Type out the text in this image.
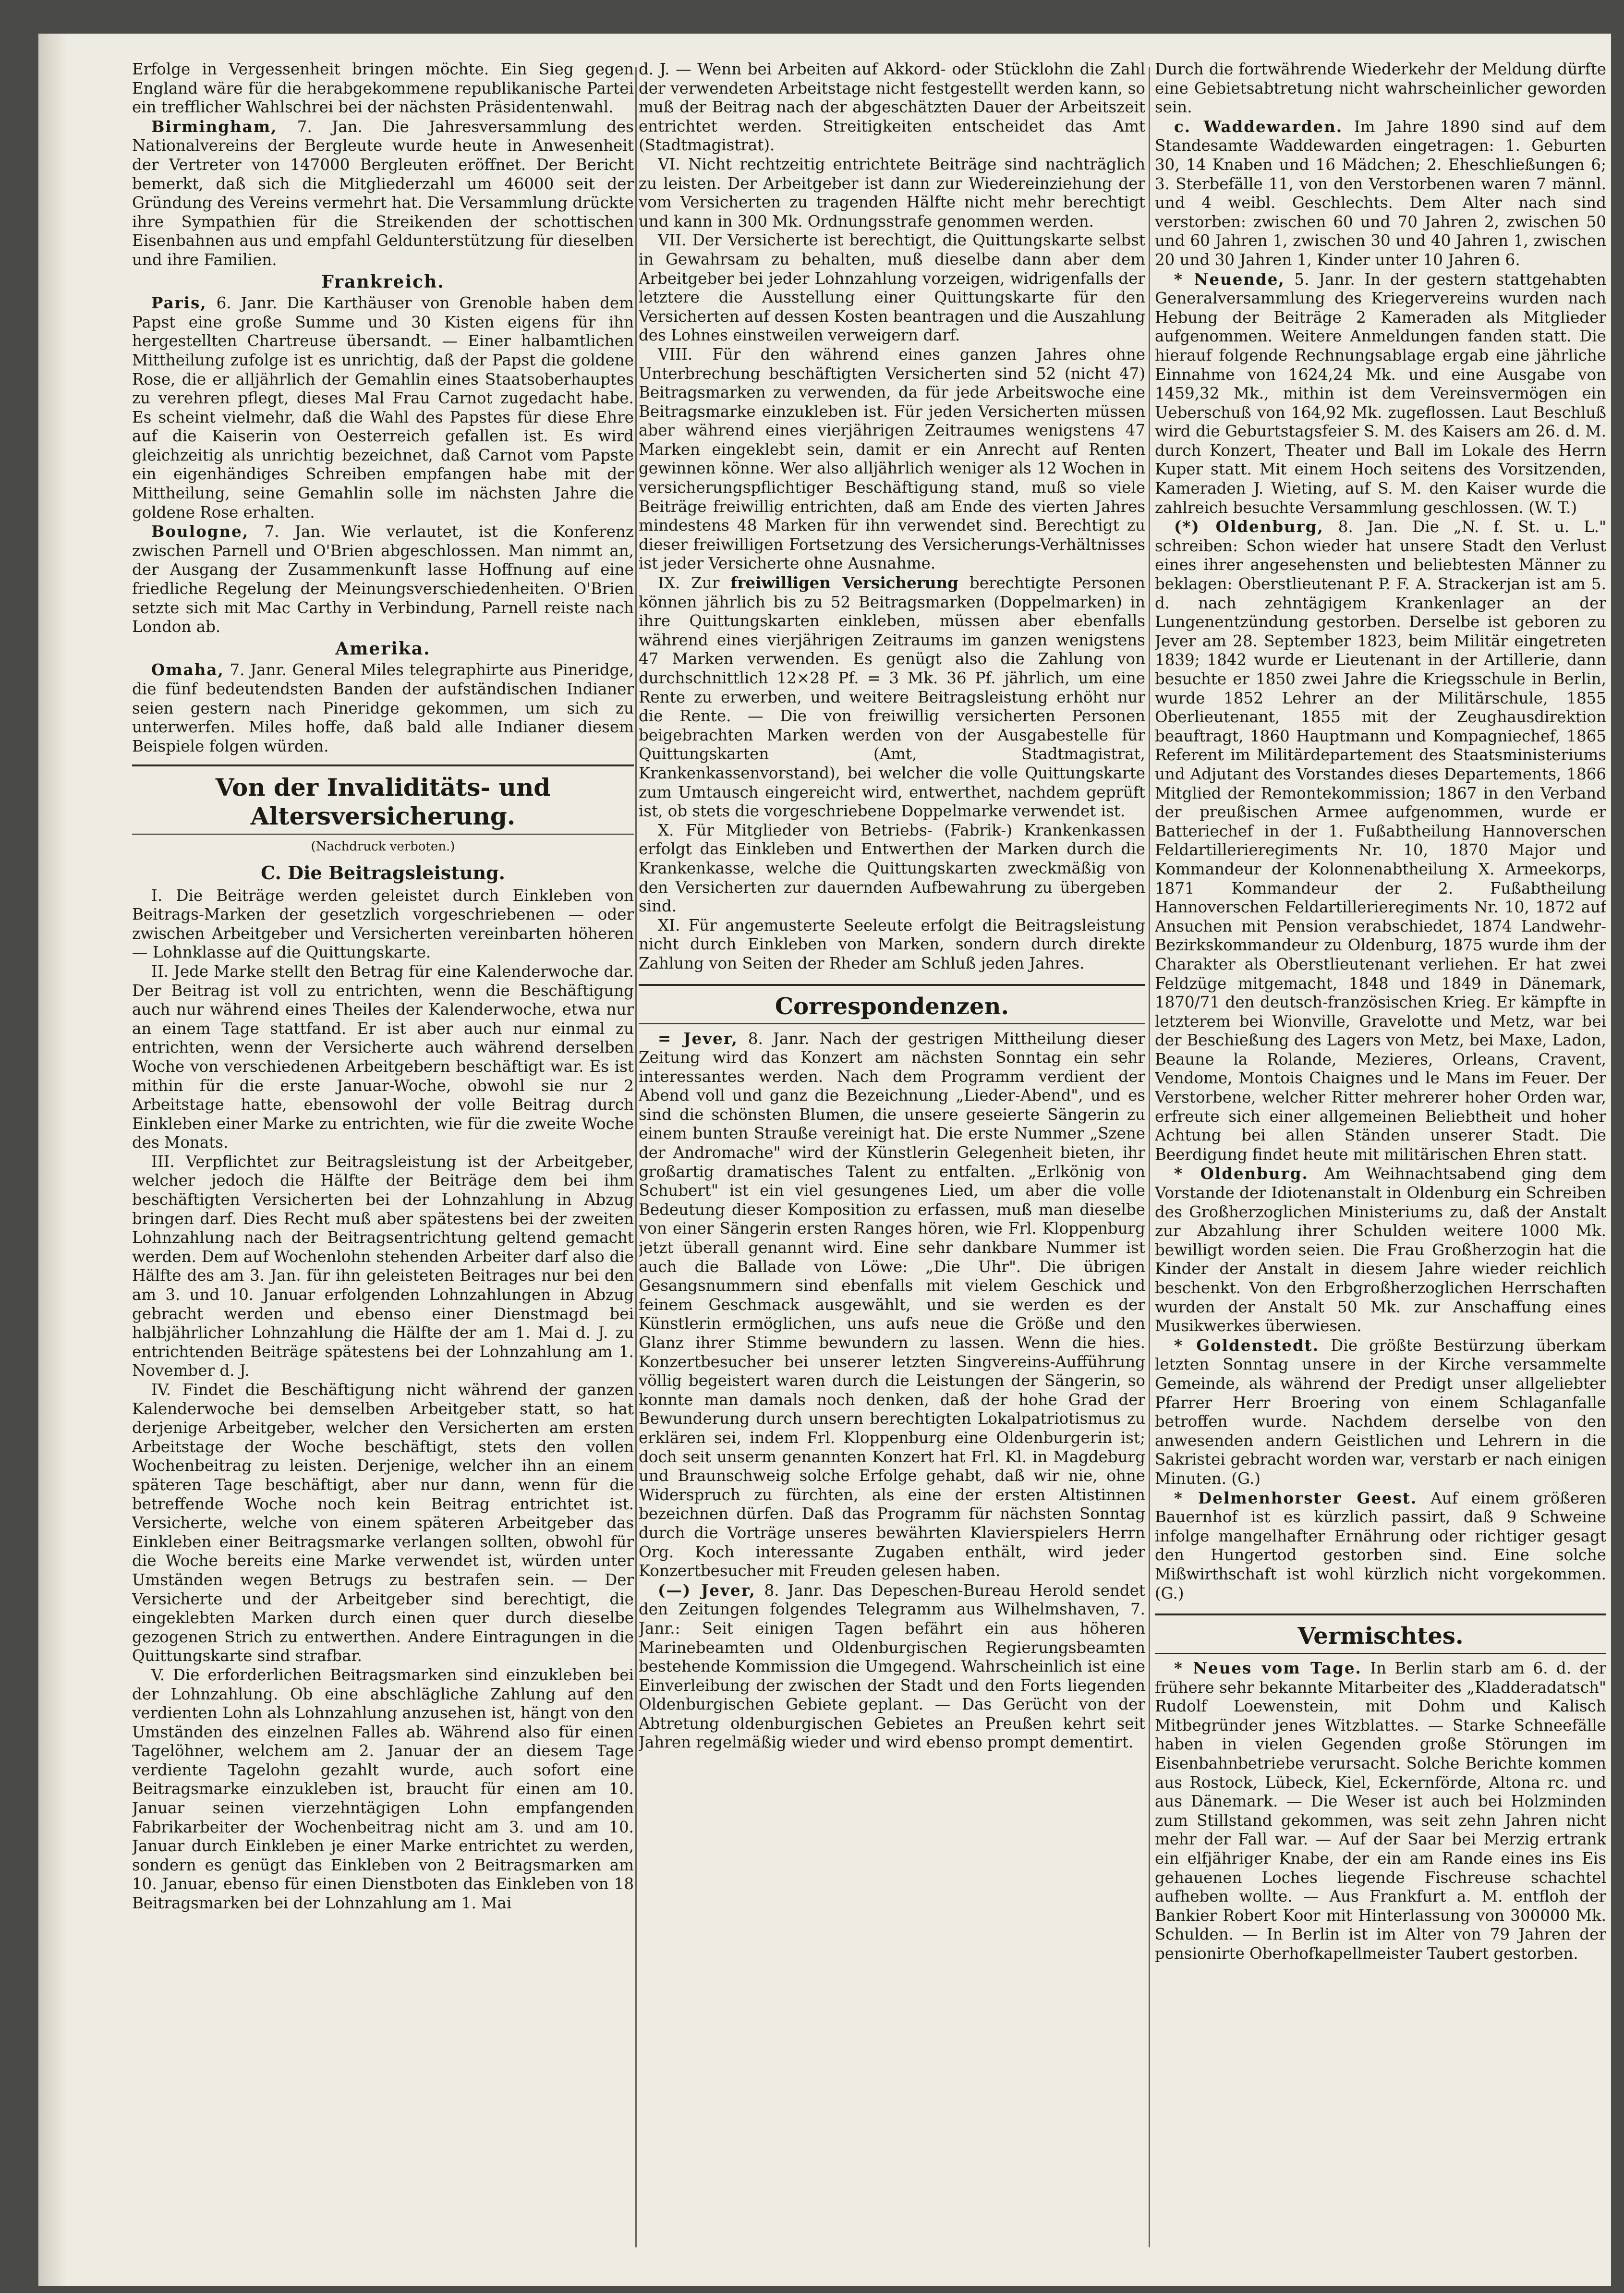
Erfolge in Vergessenheit bringen möchte. Ein Sieg gegen England wäre für die herabgekommene republikanische Partei ein trefflicher Wahlschrei bei der nächsten Präsidentenwahl.

Birmingham, 7. Jan. Die Jahresversammlung des Nationalvereins der Bergleute wurde heute in Anwesenheit der Vertreter von 147000 Bergleuten eröffnet. Der Bericht bemerkt, daß sich die Mitgliederzahl um 46000 seit der Gründung des Vereins vermehrt hat. Die Versammlung drückte ihre Sympathien für die Streikenden der schottischen Eisenbahnen aus und empfahl Geldunterstützung für dieselben und ihre Familien.

Frankreich.

Paris, 6. Janr. Die Karthäuser von Grenoble haben dem Papst eine große Summe und 30 Kisten eigens für ihn hergestellten Chartreuse übersandt. — Einer halbamtlichen Mittheilung zufolge ist es unrichtig, daß der Papst die goldene Rose, die er alljährlich der Gemahlin eines Staatsoberhauptes zu verehren pflegt, dieses Mal Frau Carnot zugedacht habe. Es scheint vielmehr, daß die Wahl des Papstes für diese Ehre auf die Kaiserin von Oesterreich gefallen ist. Es wird gleichzeitig als unrichtig bezeichnet, daß Carnot vom Papste ein eigenhändiges Schreiben empfangen habe mit der Mittheilung, seine Gemahlin solle im nächsten Jahre die goldene Rose erhalten.

Boulogne, 7. Jan. Wie verlautet, ist die Konferenz zwischen Parnell und O'Brien abgeschlossen. Man nimmt an, der Ausgang der Zusammenkunft lasse Hoffnung auf eine friedliche Regelung der Meinungsverschiedenheiten. O'Brien setzte sich mit Mac Carthy in Verbindung, Parnell reiste nach London ab.

Amerika.

Omaha, 7. Janr. General Miles telegraphirte aus Pineridge, die fünf bedeutendsten Banden der aufständischen Indianer seien gestern nach Pineridge gekommen, um sich zu unterwerfen. Miles hoffe, daß bald alle Indianer diesem Beispiele folgen würden.

Von der Invaliditäts- und Altersversicherung.
(Nachdruck verboten.)
C. Die Beitragsleistung.

I. Die Beiträge werden geleistet durch Einkleben von Beitrags-Marken der gesetzlich vorgeschriebenen — oder zwischen Arbeitgeber und Versicherten vereinbarten höheren — Lohnklasse auf die Quittungskarte.

II. Jede Marke stellt den Betrag für eine Kalenderwoche dar. Der Beitrag ist voll zu entrichten, wenn die Beschäftigung auch nur während eines Theiles der Kalenderwoche, etwa nur an einem Tage stattfand. Er ist aber auch nur einmal zu entrichten, wenn der Versicherte auch während derselben Woche von verschiedenen Arbeitgebern beschäftigt war. Es ist mithin für die erste Januar-Woche, obwohl sie nur 2 Arbeitstage hatte, ebensowohl der volle Beitrag durch Einkleben einer Marke zu entrichten, wie für die zweite Woche des Monats.

III. Verpflichtet zur Beitragsleistung ist der Arbeitgeber, welcher jedoch die Hälfte der Beiträge dem bei ihm beschäftigten Versicherten bei der Lohnzahlung in Abzug bringen darf. Dies Recht muß aber spätestens bei der zweiten Lohnzahlung nach der Beitragsentrichtung geltend gemacht werden. Dem auf Wochenlohn stehenden Arbeiter darf also die Hälfte des am 3. Jan. für ihn geleisteten Beitrages nur bei den am 3. und 10. Januar erfolgenden Lohnzahlungen in Abzug gebracht werden und ebenso einer Dienstmagd bei halbjährlicher Lohnzahlung die Hälfte der am 1. Mai d. J. zu entrichtenden Beiträge spätestens bei der Lohnzahlung am 1. November d. J.

IV. Findet die Beschäftigung nicht während der ganzen Kalenderwoche bei demselben Arbeitgeber statt, so hat derjenige Arbeitgeber, welcher den Versicherten am ersten Arbeitstage der Woche beschäftigt, stets den vollen Wochenbeitrag zu leisten. Derjenige, welcher ihn an einem späteren Tage beschäftigt, aber nur dann, wenn für die betreffende Woche noch kein Beitrag entrichtet ist. Versicherte, welche von einem späteren Arbeitgeber das Einkleben einer Beitragsmarke verlangen sollten, obwohl für die Woche bereits eine Marke verwendet ist, würden unter Umständen wegen Betrugs zu bestrafen sein. — Der Versicherte und der Arbeitgeber sind berechtigt, die eingeklebten Marken durch einen quer durch dieselbe gezogenen Strich zu entwerthen. Andere Eintragungen in die Quittungskarte sind strafbar.

V. Die erforderlichen Beitragsmarken sind einzukleben bei der Lohnzahlung. Ob eine abschlägliche Zahlung auf den verdienten Lohn als Lohnzahlung anzusehen ist, hängt von den Umständen des einzelnen Falles ab. Während also für einen Tagelöhner, welchem am 2. Januar der an diesem Tage verdiente Tagelohn gezahlt wurde, auch sofort eine Beitragsmarke einzukleben ist, braucht für einen am 10. Januar seinen vierzehntägigen Lohn empfangenden Fabrikarbeiter der Wochenbeitrag nicht am 3. und am 10. Januar durch Einkleben je einer Marke entrichtet zu werden, sondern es genügt das Einkleben von 2 Beitragsmarken am 10. Januar, ebenso für einen Dienstboten das Einkleben von 18 Beitragsmarken bei der Lohnzahlung am 1. Mai

d. J. — Wenn bei Arbeiten auf Akkord- oder Stücklohn die Zahl der verwendeten Arbeitstage nicht festgestellt werden kann, so muß der Beitrag nach der abgeschätzten Dauer der Arbeitszeit entrichtet werden. Streitigkeiten entscheidet das Amt (Stadtmagistrat).

VI. Nicht rechtzeitig entrichtete Beiträge sind nachträglich zu leisten. Der Arbeitgeber ist dann zur Wiedereinziehung der vom Versicherten zu tragenden Hälfte nicht mehr berechtigt und kann in 300 Mk. Ordnungsstrafe genommen werden.

VII. Der Versicherte ist berechtigt, die Quittungskarte selbst in Gewahrsam zu behalten, muß dieselbe dann aber dem Arbeitgeber bei jeder Lohnzahlung vorzeigen, widrigenfalls der letztere die Ausstellung einer Quittungskarte für den Versicherten auf dessen Kosten beantragen und die Auszahlung des Lohnes einstweilen verweigern darf.

VIII. Für den während eines ganzen Jahres ohne Unterbrechung beschäftigten Versicherten sind 52 (nicht 47) Beitragsmarken zu verwenden, da für jede Arbeitswoche eine Beitragsmarke einzukleben ist. Für jeden Versicherten müssen aber während eines vierjährigen Zeitraumes wenigstens 47 Marken eingeklebt sein, damit er ein Anrecht auf Renten gewinnen könne. Wer also alljährlich weniger als 12 Wochen in versicherungspflichtiger Beschäftigung stand, muß so viele Beiträge freiwillig entrichten, daß am Ende des vierten Jahres mindestens 48 Marken für ihn verwendet sind. Berechtigt zu dieser freiwilligen Fortsetzung des Versicherungs-Verhältnisses ist jeder Versicherte ohne Ausnahme.

IX. Zur freiwilligen Versicherung berechtigte Personen können jährlich bis zu 52 Beitragsmarken (Doppelmarken) in ihre Quittungskarten einkleben, müssen aber ebenfalls während eines vierjährigen Zeitraums im ganzen wenigstens 47 Marken verwenden. Es genügt also die Zahlung von durchschnittlich 12×28 Pf. = 3 Mk. 36 Pf. jährlich, um eine Rente zu erwerben, und weitere Beitragsleistung erhöht nur die Rente. — Die von freiwillig versicherten Personen beigebrachten Marken werden von der Ausgabestelle für Quittungskarten (Amt, Stadtmagistrat, Krankenkassenvorstand), bei welcher die volle Quittungskarte zum Umtausch eingereicht wird, entwerthet, nachdem geprüft ist, ob stets die vorgeschriebene Doppelmarke verwendet ist.

X. Für Mitglieder von Betriebs- (Fabrik-) Krankenkassen erfolgt das Einkleben und Entwerthen der Marken durch die Krankenkasse, welche die Quittungskarten zweckmäßig von den Versicherten zur dauernden Aufbewahrung zu übergeben sind.

XI. Für angemusterte Seeleute erfolgt die Beitragsleistung nicht durch Einkleben von Marken, sondern durch direkte Zahlung von Seiten der Rheder am Schluß jeden Jahres.

Correspondenzen.

= Jever, 8. Janr. Nach der gestrigen Mittheilung dieser Zeitung wird das Konzert am nächsten Sonntag ein sehr interessantes werden. Nach dem Programm verdient der Abend voll und ganz die Bezeichnung „Lieder-Abend", und es sind die schönsten Blumen, die unsere geseierte Sängerin zu einem bunten Strauße vereinigt hat. Die erste Nummer „Szene der Andromache" wird der Künstlerin Gelegenheit bieten, ihr großartig dramatisches Talent zu entfalten. „Erlkönig von Schubert" ist ein viel gesungenes Lied, um aber die volle Bedeutung dieser Komposition zu erfassen, muß man dieselbe von einer Sängerin ersten Ranges hören, wie Frl. Kloppenburg jetzt überall genannt wird. Eine sehr dankbare Nummer ist auch die Ballade von Löwe: „Die Uhr". Die übrigen Gesangsnummern sind ebenfalls mit vielem Geschick und feinem Geschmack ausgewählt, und sie werden es der Künstlerin ermöglichen, uns aufs neue die Größe und den Glanz ihrer Stimme bewundern zu lassen. Wenn die hies. Konzertbesucher bei unserer letzten Singvereins-Aufführung völlig begeistert waren durch die Leistungen der Sängerin, so konnte man damals noch denken, daß der hohe Grad der Bewunderung durch unsern berechtigten Lokalpatriotismus zu erklären sei, indem Frl. Kloppenburg eine Oldenburgerin ist; doch seit unserm genannten Konzert hat Frl. Kl. in Magdeburg und Braunschweig solche Erfolge gehabt, daß wir nie, ohne Widerspruch zu fürchten, als eine der ersten Altistinnen bezeichnen dürfen. Daß das Programm für nächsten Sonntag durch die Vorträge unseres bewährten Klavierspielers Herrn Org. Koch interessante Zugaben enthält, wird jeder Konzertbesucher mit Freuden gelesen haben.

(—) Jever, 8. Janr. Das Depeschen-Bureau Herold sendet den Zeitungen folgendes Telegramm aus Wilhelmshaven, 7. Janr.: Seit einigen Tagen befährt ein aus höheren Marinebeamten und Oldenburgischen Regierungsbeamten bestehende Kommission die Umgegend. Wahrscheinlich ist eine Einverleibung der zwischen der Stadt und den Forts liegenden Oldenburgischen Gebiete geplant. — Das Gerücht von der Abtretung oldenburgischen Gebietes an Preußen kehrt seit Jahren regelmäßig wieder und wird ebenso prompt dementirt.

Durch die fortwährende Wiederkehr der Meldung dürfte eine Gebietsabtretung nicht wahrscheinlicher geworden sein.

c. Waddewarden. Im Jahre 1890 sind auf dem Standesamte Waddewarden eingetragen: 1. Geburten 30, 14 Knaben und 16 Mädchen; 2. Eheschließungen 6; 3. Sterbefälle 11, von den Verstorbenen waren 7 männl. und 4 weibl. Geschlechts. Dem Alter nach sind verstorben: zwischen 60 und 70 Jahren 2, zwischen 50 und 60 Jahren 1, zwischen 30 und 40 Jahren 1, zwischen 20 und 30 Jahren 1, Kinder unter 10 Jahren 6.

* Neuende, 5. Janr. In der gestern stattgehabten Generalversammlung des Kriegervereins wurden nach Hebung der Beiträge 2 Kameraden als Mitglieder aufgenommen. Weitere Anmeldungen fanden statt. Die hierauf folgende Rechnungsablage ergab eine jährliche Einnahme von 1624,24 Mk. und eine Ausgabe von 1459,32 Mk., mithin ist dem Vereinsvermögen ein Ueberschuß von 164,92 Mk. zugeflossen. Laut Beschluß wird die Geburtstagsfeier S. M. des Kaisers am 26. d. M. durch Konzert, Theater und Ball im Lokale des Herrn Kuper statt. Mit einem Hoch seitens des Vorsitzenden, Kameraden J. Wieting, auf S. M. den Kaiser wurde die zahlreich besuchte Versammlung geschlossen. (W. T.)

(*) Oldenburg, 8. Jan. Die „N. f. St. u. L." schreiben: Schon wieder hat unsere Stadt den Verlust eines ihrer angesehensten und beliebtesten Männer zu beklagen: Oberstlieutenant P. F. A. Strackerjan ist am 5. d. nach zehntägigem Krankenlager an der Lungenentzündung gestorben. Derselbe ist geboren zu Jever am 28. September 1823, beim Militär eingetreten 1839; 1842 wurde er Lieutenant in der Artillerie, dann besuchte er 1850 zwei Jahre die Kriegsschule in Berlin, wurde 1852 Lehrer an der Militärschule, 1855 Oberlieutenant, 1855 mit der Zeughausdirektion beauftragt, 1860 Hauptmann und Kompagniechef, 1865 Referent im Militärdepartement des Staatsministeriums und Adjutant des Vorstandes dieses Departements, 1866 Mitglied der Remontekommission; 1867 in den Verband der preußischen Armee aufgenommen, wurde er Batteriechef in der 1. Fußabtheilung Hannoverschen Feldartillerieregiments Nr. 10, 1870 Major und Kommandeur der Kolonnenabtheilung X. Armeekorps, 1871 Kommandeur der 2. Fußabtheilung Hannoverschen Feldartillerieregiments Nr. 10, 1872 auf Ansuchen mit Pension verabschiedet, 1874 Landwehr-Bezirkskommandeur zu Oldenburg, 1875 wurde ihm der Charakter als Oberstlieutenant verliehen. Er hat zwei Feldzüge mitgemacht, 1848 und 1849 in Dänemark, 1870/71 den deutsch-französischen Krieg. Er kämpfte in letzterem bei Wionville, Gravelotte und Metz, war bei der Beschießung des Lagers von Metz, bei Maxe, Ladon, Beaune la Rolande, Mezieres, Orleans, Cravent, Vendome, Montois Chaignes und le Mans im Feuer. Der Verstorbene, welcher Ritter mehrerer hoher Orden war, erfreute sich einer allgemeinen Beliebtheit und hoher Achtung bei allen Ständen unserer Stadt. Die Beerdigung findet heute mit militärischen Ehren statt.

* Oldenburg. Am Weihnachtsabend ging dem Vorstande der Idiotenanstalt in Oldenburg ein Schreiben des Großherzoglichen Ministeriums zu, daß der Anstalt zur Abzahlung ihrer Schulden weitere 1000 Mk. bewilligt worden seien. Die Frau Großherzogin hat die Kinder der Anstalt in diesem Jahre wieder reichlich beschenkt. Von den Erbgroßherzoglichen Herrschaften wurden der Anstalt 50 Mk. zur Anschaffung eines Musikwerkes überwiesen.

* Goldenstedt. Die größte Bestürzung überkam letzten Sonntag unsere in der Kirche versammelte Gemeinde, als während der Predigt unser allgeliebter Pfarrer Herr Broering von einem Schlaganfalle betroffen wurde. Nachdem derselbe von den anwesenden andern Geistlichen und Lehrern in die Sakristei gebracht worden war, verstarb er nach einigen Minuten. (G.)

* Delmenhorster Geest. Auf einem größeren Bauernhof ist es kürzlich passirt, daß 9 Schweine infolge mangelhafter Ernährung oder richtiger gesagt den Hungertod gestorben sind. Eine solche Mißwirthschaft ist wohl kürzlich nicht vorgekommen. (G.)

Vermischtes.

* Neues vom Tage. In Berlin starb am 6. d. der frühere sehr bekannte Mitarbeiter des „Kladderadatsch" Rudolf Loewenstein, mit Dohm und Kalisch Mitbegründer jenes Witzblattes. — Starke Schneefälle haben in vielen Gegenden große Störungen im Eisenbahnbetriebe verursacht. Solche Berichte kommen aus Rostock, Lübeck, Kiel, Eckernförde, Altona rc. und aus Dänemark. — Die Weser ist auch bei Holzminden zum Stillstand gekommen, was seit zehn Jahren nicht mehr der Fall war. — Auf der Saar bei Merzig ertrank ein elfjähriger Knabe, der ein am Rande eines ins Eis gehauenen Loches liegende Fischreuse schachtel aufheben wollte. — Aus Frankfurt a. M. entfloh der Bankier Robert Koor mit Hinterlassung von 300000 Mk. Schulden. — In Berlin ist im Alter von 79 Jahren der pensionirte Oberhofkapellmeister Taubert gestorben.
